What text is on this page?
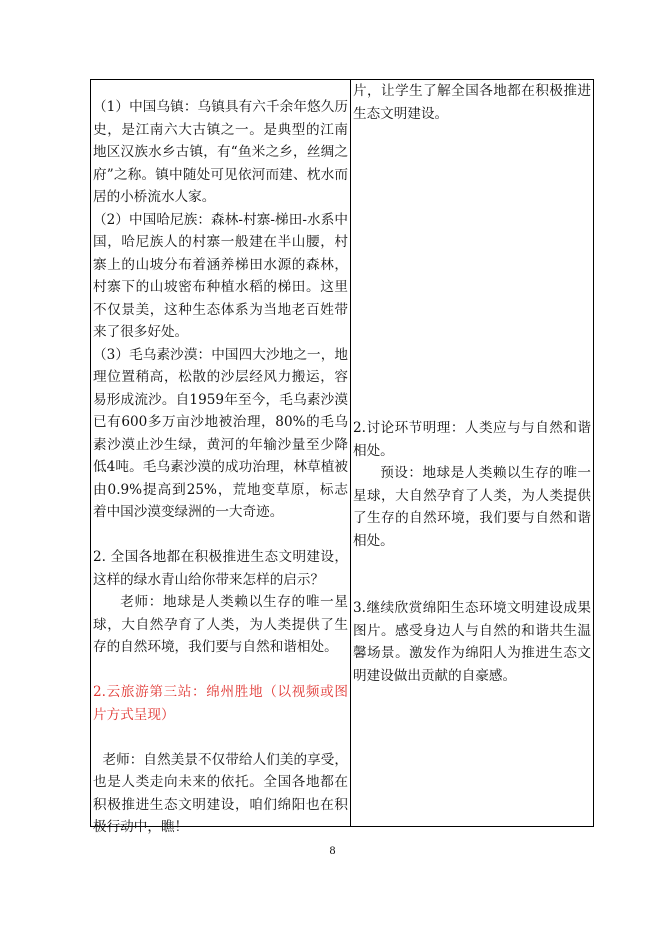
（1）中国乌镇：乌镇具有六千余年悠久历史，是江南六大古镇之一。是典型的江南地区汉族水乡古镇，有“鱼米之乡，丝绸之府”之称。镇中随处可见依河而建、枕水而居的小桥流水人家。

（2）中国哈尼族：森林-村寨-梯田-水系中国，哈尼族人的村寨一般建在半山腰，村寨上的山坡分布着涵养梯田水源的森林，村寨下的山坡密布种植水稻的梯田。这里不仅景美，这种生态体系为当地老百姓带来了很多好处。

（3）毛乌素沙漠：中国四大沙地之一，地理位置稍高，松散的沙层经风力搬运，容易形成流沙。自1959年至今，毛乌素沙漠已有600多万亩沙地被治理，80%的毛乌素沙漠止沙生绿，黄河的年输沙量至少降低4吨。毛乌素沙漠的成功治理，林草植被由0.9%提高到25%，荒地变草原，标志着中国沙漠变绿洲的一大奇迹。

2. 全国各地都在积极推进生态文明建设，这样的绿水青山给你带来怎样的启示？

老师：地球是人类赖以生存的唯一星球，大自然孕育了人类，为人类提供了生存的自然环境，我们要与自然和谐相处。

2.云旅游第三站：绵州胜地（以视频或图片方式呈现）

老师：自然美景不仅带给人们美的享受，也是人类走向未来的依托。全国各地都在积极推进生态文明建设，咱们绵阳也在积极行动中，瞧！

片，让学生了解全国各地都在积极推进生态文明建设。

2.讨论环节明理：人类应与与自然和谐相处。

预设：地球是人类赖以生存的唯一星球，大自然孕育了人类，为人类提供了生存的自然环境，我们要与自然和谐相处。

3.继续欣赏绵阳生态环境文明建设成果图片。感受身边人与自然的和谐共生温馨场景。激发作为绵阳人为推进生态文明建设做出贡献的自豪感。

8
